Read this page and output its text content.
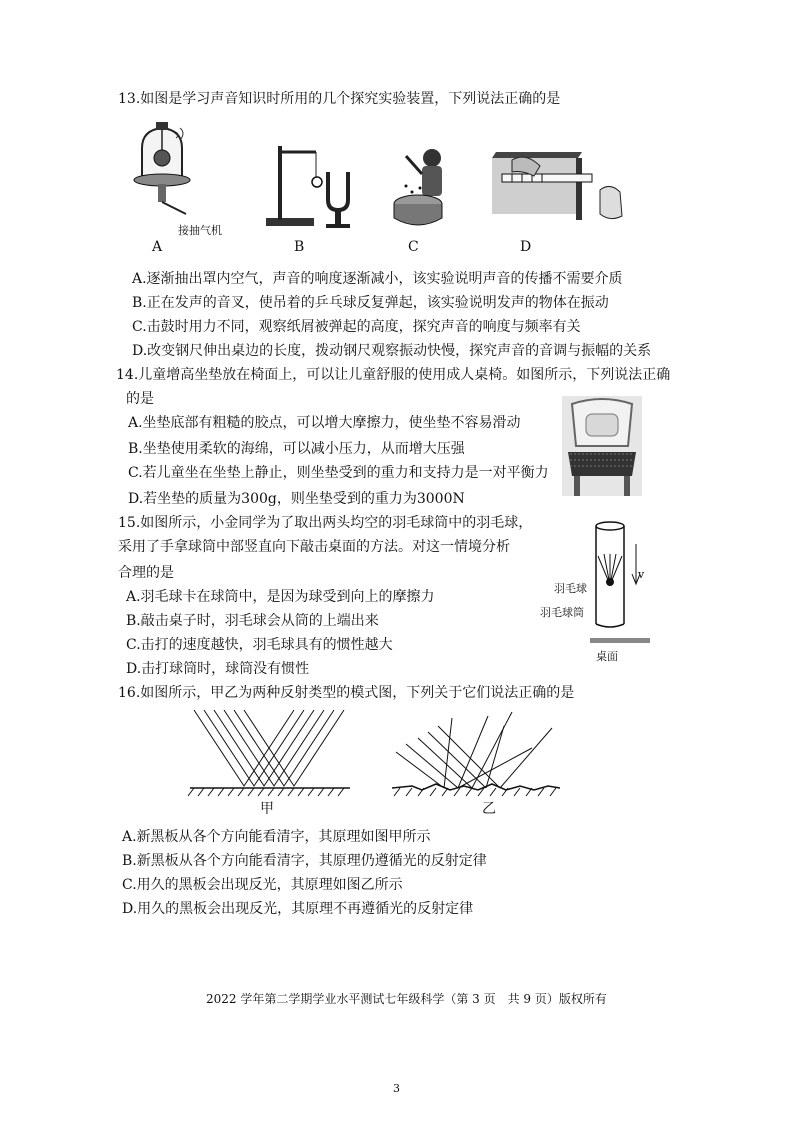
13.如图是学习声音知识时所用的几个探究实验装置，下列说法正确的是
接抽气机
A	B	C	D
A.逐渐抽出罩内空气，声音的响度逐渐减小，该实验说明声音的传播不需要介质
B.正在发声的音叉，使吊着的乒乓球反复弹起，该实验说明发声的物体在振动
C.击鼓时用力不同，观察纸屑被弹起的高度，探究声音的响度与频率有关
D.改变钢尺伸出桌边的长度，拨动钢尺观察振动快慢，探究声音的音调与振幅的关系
14.儿童增高坐垫放在椅面上，可以让儿童舒服的使用成人桌椅。如图所示，下列说法正确
的是
A.坐垫底部有粗糙的胶点，可以增大摩擦力，使坐垫不容易滑动
B.坐垫使用柔软的海绵，可以减小压力，从而增大压强
C.若儿童坐在坐垫上静止，则坐垫受到的重力和支持力是一对平衡力
D.若坐垫的质量为300g，则坐垫受到的重力为3000N
15.如图所示，小金同学为了取出两头均空的羽毛球筒中的羽毛球，
采用了手拿球筒中部竖直向下敲击桌面的方法。对这一情境分析
合理的是
A.羽毛球卡在球筒中，是因为球受到向上的摩擦力
B.敲击桌子时，羽毛球会从筒的上端出来
C.击打的速度越快，羽毛球具有的惯性越大
D.击打球筒时，球筒没有惯性
v
羽毛球
羽毛球筒
桌面
16.如图所示，甲乙为两种反射类型的模式图，下列关于它们说法正确的是
甲	乙
A.新黑板从各个方向能看清字，其原理如图甲所示
B.新黑板从各个方向能看清字，其原理仍遵循光的反射定律
C.用久的黑板会出现反光，其原理如图乙所示
D.用久的黑板会出现反光，其原理不再遵循光的反射定律
2022 学年第二学期学业水平测试七年级科学（第 3 页　共 9 页）版权所有
3
